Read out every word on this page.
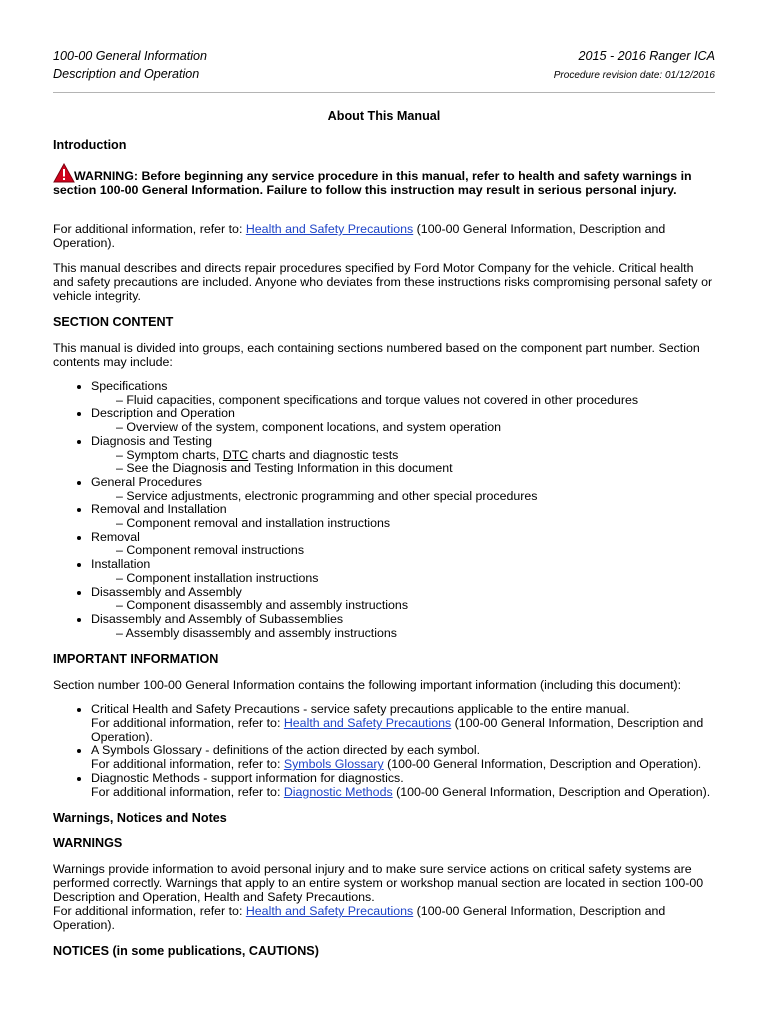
100-00 General Information	2015 - 2016 Ranger ICA
Description and Operation	Procedure revision date: 01/12/2016
About This Manual
Introduction
WARNING: Before beginning any service procedure in this manual, refer to health and safety warnings in
section 100-00 General Information. Failure to follow this instruction may result in serious personal injury.

For additional information, refer to: Health and Safety Precautions (100-00 General Information, Description and Operation).

This manual describes and directs repair procedures specified by Ford Motor Company for the vehicle. Critical health and safety precautions are included. Anyone who deviates from these instructions risks compromising personal safety or vehicle integrity.

SECTION CONTENT

This manual is divided into groups, each containing sections numbered based on the component part number. Section contents may include:

• Specifications
– Fluid capacities, component specifications and torque values not covered in other procedures
• Description and Operation
– Overview of the system, component locations, and system operation
• Diagnosis and Testing
– Symptom charts, DTC charts and diagnostic tests
– See the Diagnosis and Testing Information in this document
• General Procedures
– Service adjustments, electronic programming and other special procedures
• Removal and Installation
– Component removal and installation instructions
• Removal
– Component removal instructions
• Installation
– Component installation instructions
• Disassembly and Assembly
– Component disassembly and assembly instructions
• Disassembly and Assembly of Subassemblies
– Assembly disassembly and assembly instructions
IMPORTANT INFORMATION

Section number 100-00 General Information contains the following important information (including this document):

• Critical Health and Safety Precautions - service safety precautions applicable to the entire manual.
For additional information, refer to: Health and Safety Precautions (100-00 General Information, Description and Operation).
• A Symbols Glossary - definitions of the action directed by each symbol.
For additional information, refer to: Symbols Glossary (100-00 General Information, Description and Operation).
• Diagnostic Methods - support information for diagnostics.
For additional information, refer to: Diagnostic Methods (100-00 General Information, Description and Operation).
Warnings, Notices and Notes
WARNINGS

Warnings provide information to avoid personal injury and to make sure service actions on critical safety systems are performed correctly. Warnings that apply to an entire system or workshop manual section are located in section 100-00 Description and Operation, Health and Safety Precautions.
For additional information, refer to: Health and Safety Precautions (100-00 General Information, Description and Operation).

NOTICES (in some publications, CAUTIONS)
